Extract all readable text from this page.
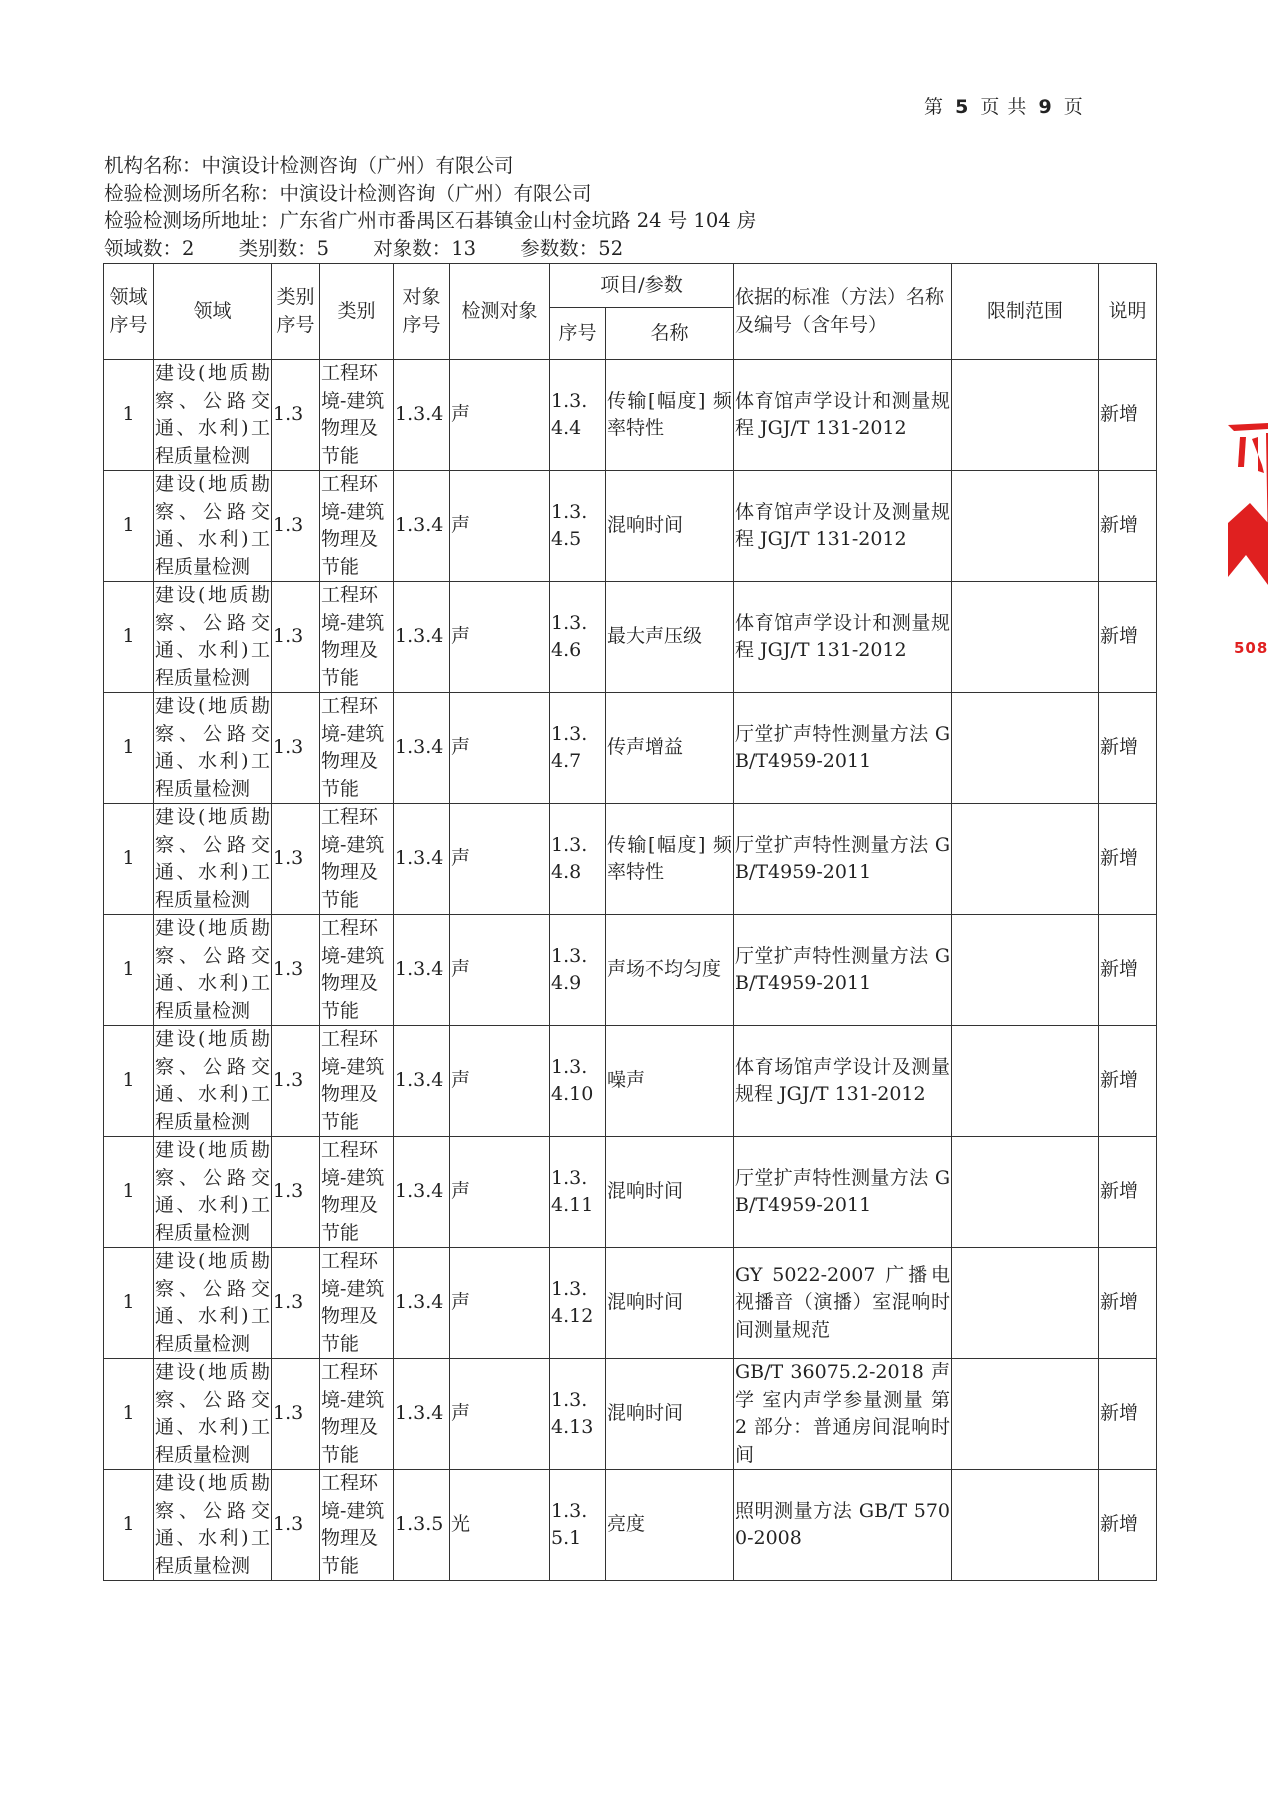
第 5 页 共 9 页
机构名称：中演设计检测咨询（广州）有限公司
检验检测场所名称：中演设计检测咨询（广州）有限公司
检验检测场所地址：广东省广州市番禺区石碁镇金山村金坑路 24 号 104 房
领域数：2 类别数：5 对象数：13 参数数：52
领域序号	领域	类别序号	类别	对象序号	检测对象	项目/参数		依据的标准（方法）名称及编号（含年号）	限制范围	说明
						序号	名称			
1	建设(地质勘察、公路交通、水利)工程质量检测	1.3	工程环境-建筑物理及节能	1.3.4	声	1.3.4.4	传输[幅度] 频率特性	体育馆声学设计和测量规程 JGJ/T 131-2012		新增
1	建设(地质勘察、公路交通、水利)工程质量检测	1.3	工程环境-建筑物理及节能	1.3.4	声	1.3.4.5	混响时间	体育馆声学设计及测量规程 JGJ/T 131-2012		新增
1	建设(地质勘察、公路交通、水利)工程质量检测	1.3	工程环境-建筑物理及节能	1.3.4	声	1.3.4.6	最大声压级	体育馆声学设计和测量规程 JGJ/T 131-2012		新增
1	建设(地质勘察、公路交通、水利)工程质量检测	1.3	工程环境-建筑物理及节能	1.3.4	声	1.3.4.7	传声增益	厅堂扩声特性测量方法 GB/T4959-2011		新增
1	建设(地质勘察、公路交通、水利)工程质量检测	1.3	工程环境-建筑物理及节能	1.3.4	声	1.3.4.8	传输[幅度] 频率特性	厅堂扩声特性测量方法 GB/T4959-2011		新增
1	建设(地质勘察、公路交通、水利)工程质量检测	1.3	工程环境-建筑物理及节能	1.3.4	声	1.3.4.9	声场不均匀度	厅堂扩声特性测量方法 GB/T4959-2011		新增
1	建设(地质勘察、公路交通、水利)工程质量检测	1.3	工程环境-建筑物理及节能	1.3.4	声	1.3.4.10	噪声	体育场馆声学设计及测量规程 JGJ/T 131-2012		新增
1	建设(地质勘察、公路交通、水利)工程质量检测	1.3	工程环境-建筑物理及节能	1.3.4	声	1.3.4.11	混响时间	厅堂扩声特性测量方法 GB/T4959-2011		新增
1	建设(地质勘察、公路交通、水利)工程质量检测	1.3	工程环境-建筑物理及节能	1.3.4	声	1.3.4.12	混响时间	GY 5022-2007 广播电视播音（演播）室混响时间测量规范		新增
1	建设(地质勘察、公路交通、水利)工程质量检测	1.3	工程环境-建筑物理及节能	1.3.4	声	1.3.4.13	混响时间	GB/T 36075.2-2018 声学 室内声学参量测量 第 2 部分：普通房间混响时间		新增
1	建设(地质勘察、公路交通、水利)工程质量检测	1.3	工程环境-建筑物理及节能	1.3.5	光	1.3.5.1	亮度	照明测量方法 GB/T 5700-2008		新增
508
